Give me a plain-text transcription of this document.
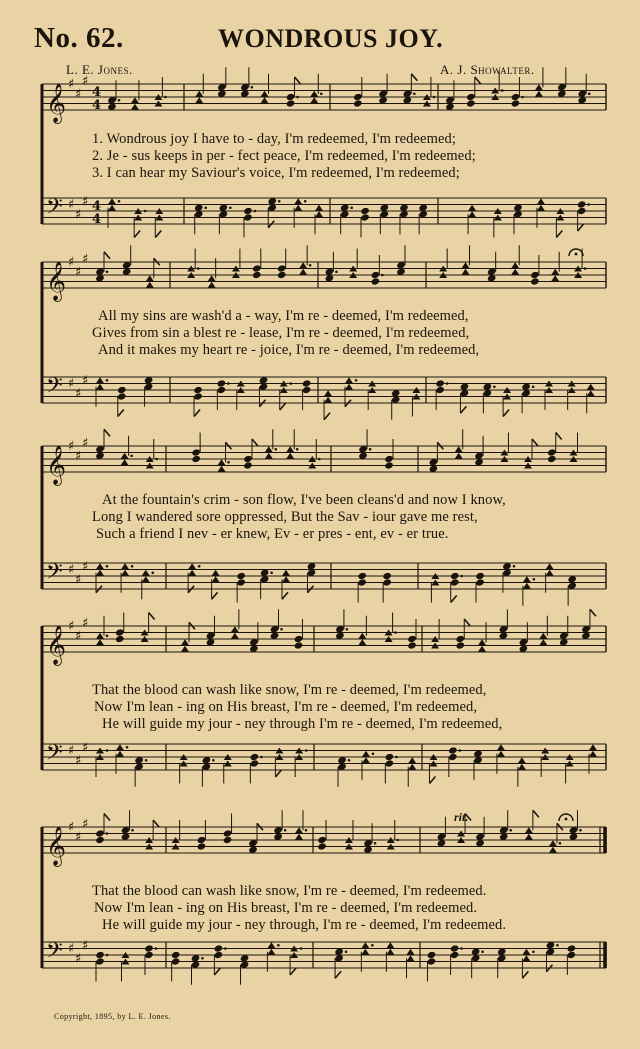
No. 62.	WONDROUS JOY.
L. E. Jones.	A. J. Showalter.
𝄞 ♯
♯
♯
4
4
𝄢 ♯
♯
♯ 4
4
𝄞 ♯
♯
♯
𝄢 ♯
♯
♯
𝄞 ♯
♯
♯
𝄢 ♯
♯
♯
𝄞 ♯
♯
♯
𝄢 ♯
♯
♯
𝄞 ♯
♯
♯
𝄢 ♯
♯
♯
1. Wondrous joy I have to - day, I'm redeemed, I'm redeemed;
2. Je - sus keeps in per - fect peace, I'm redeemed, I'm redeemed;
3. I can hear my Saviour's voice, I'm redeemed, I'm redeemed;
All my sins are wash'd a - way, I'm re - deemed, I'm redeemed,
Gives from sin a blest re - lease, I'm re - deemed, I'm redeemed,
And it makes my heart re - joice, I'm re - deemed, I'm redeemed,
At the fountain's crim - son flow, I've been cleans'd and now I know,
Long I wandered sore oppressed, But the Sav - iour gave me rest,
Such a friend I nev - er knew, Ev - er pres - ent, ev - er true.
That the blood can wash like snow, I'm re - deemed, I'm redeemed,
Now I'm lean - ing on His breast, I'm re - deemed, I'm redeemed,
He will guide my jour - ney through I'm re - deemed, I'm redeemed,
That the blood can wash like snow, I'm re - deemed, I'm redeemed.
Now I'm lean - ing on His breast, I'm re - deemed, I'm redeemed.
He will guide my jour - ney through, I'm re - deemed, I'm redeemed.
rit.
Copyright, 1895, by L. E. Jones.
